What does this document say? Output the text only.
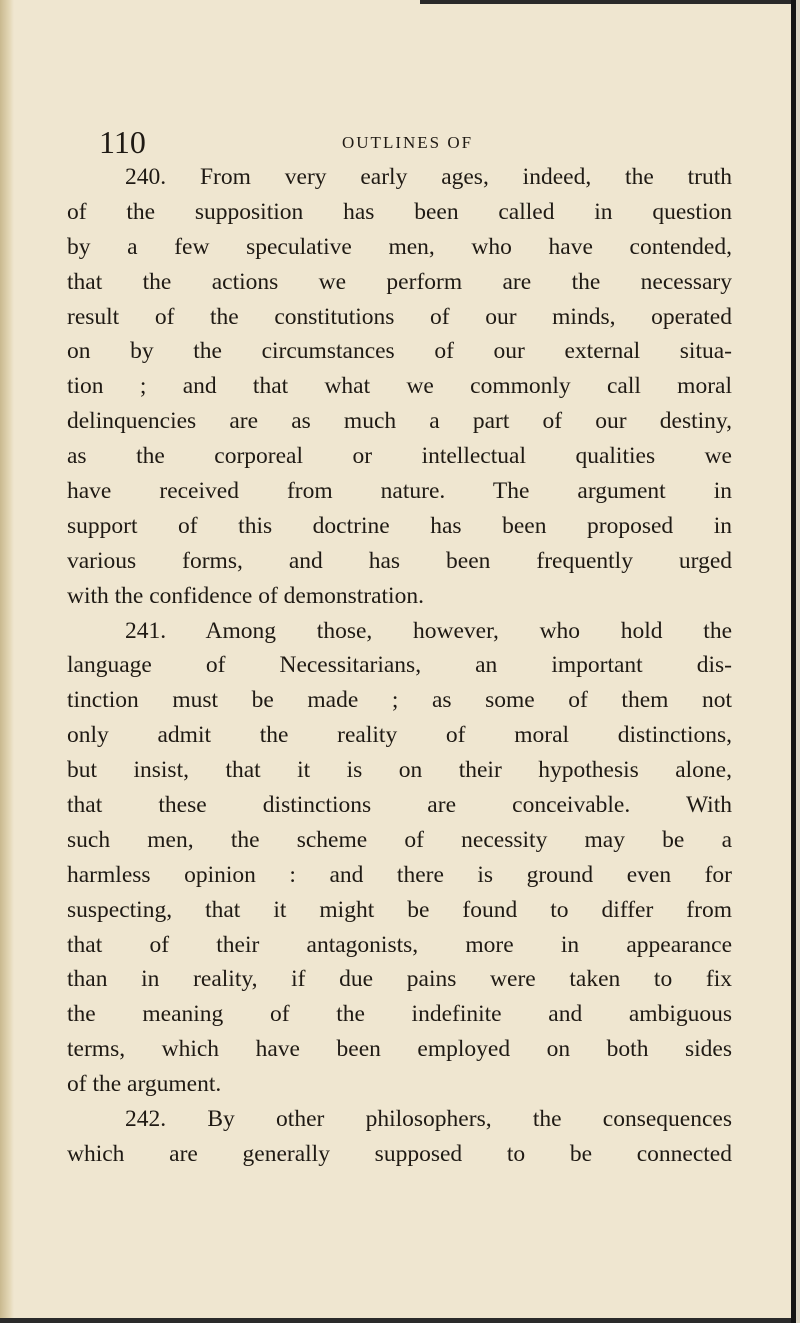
110	OUTLINES OF
240. From very early ages, indeed, the truth
of the supposition has been called in question
by a few speculative men, who have contended,
that the actions we perform are the necessary
result of the constitutions of our minds, operated
on by the circumstances of our external situa-
tion ; and that what we commonly call moral
delinquencies are as much a part of our destiny,
as the corporeal or intellectual qualities we
have received from nature. The argument in
support of this doctrine has been proposed in
various forms, and has been frequently urged
with the confidence of demonstration.
241. Among those, however, who hold the
language of Necessitarians, an important dis-
tinction must be made ; as some of them not
only admit the reality of moral distinctions,
but insist, that it is on their hypothesis alone,
that these distinctions are conceivable. With
such men, the scheme of necessity may be a
harmless opinion : and there is ground even for
suspecting, that it might be found to differ from
that of their antagonists, more in appearance
than in reality, if due pains were taken to fix
the meaning of the indefinite and ambiguous
terms, which have been employed on both sides
of the argument.
242. By other philosophers, the consequences
which are generally supposed to be connected
